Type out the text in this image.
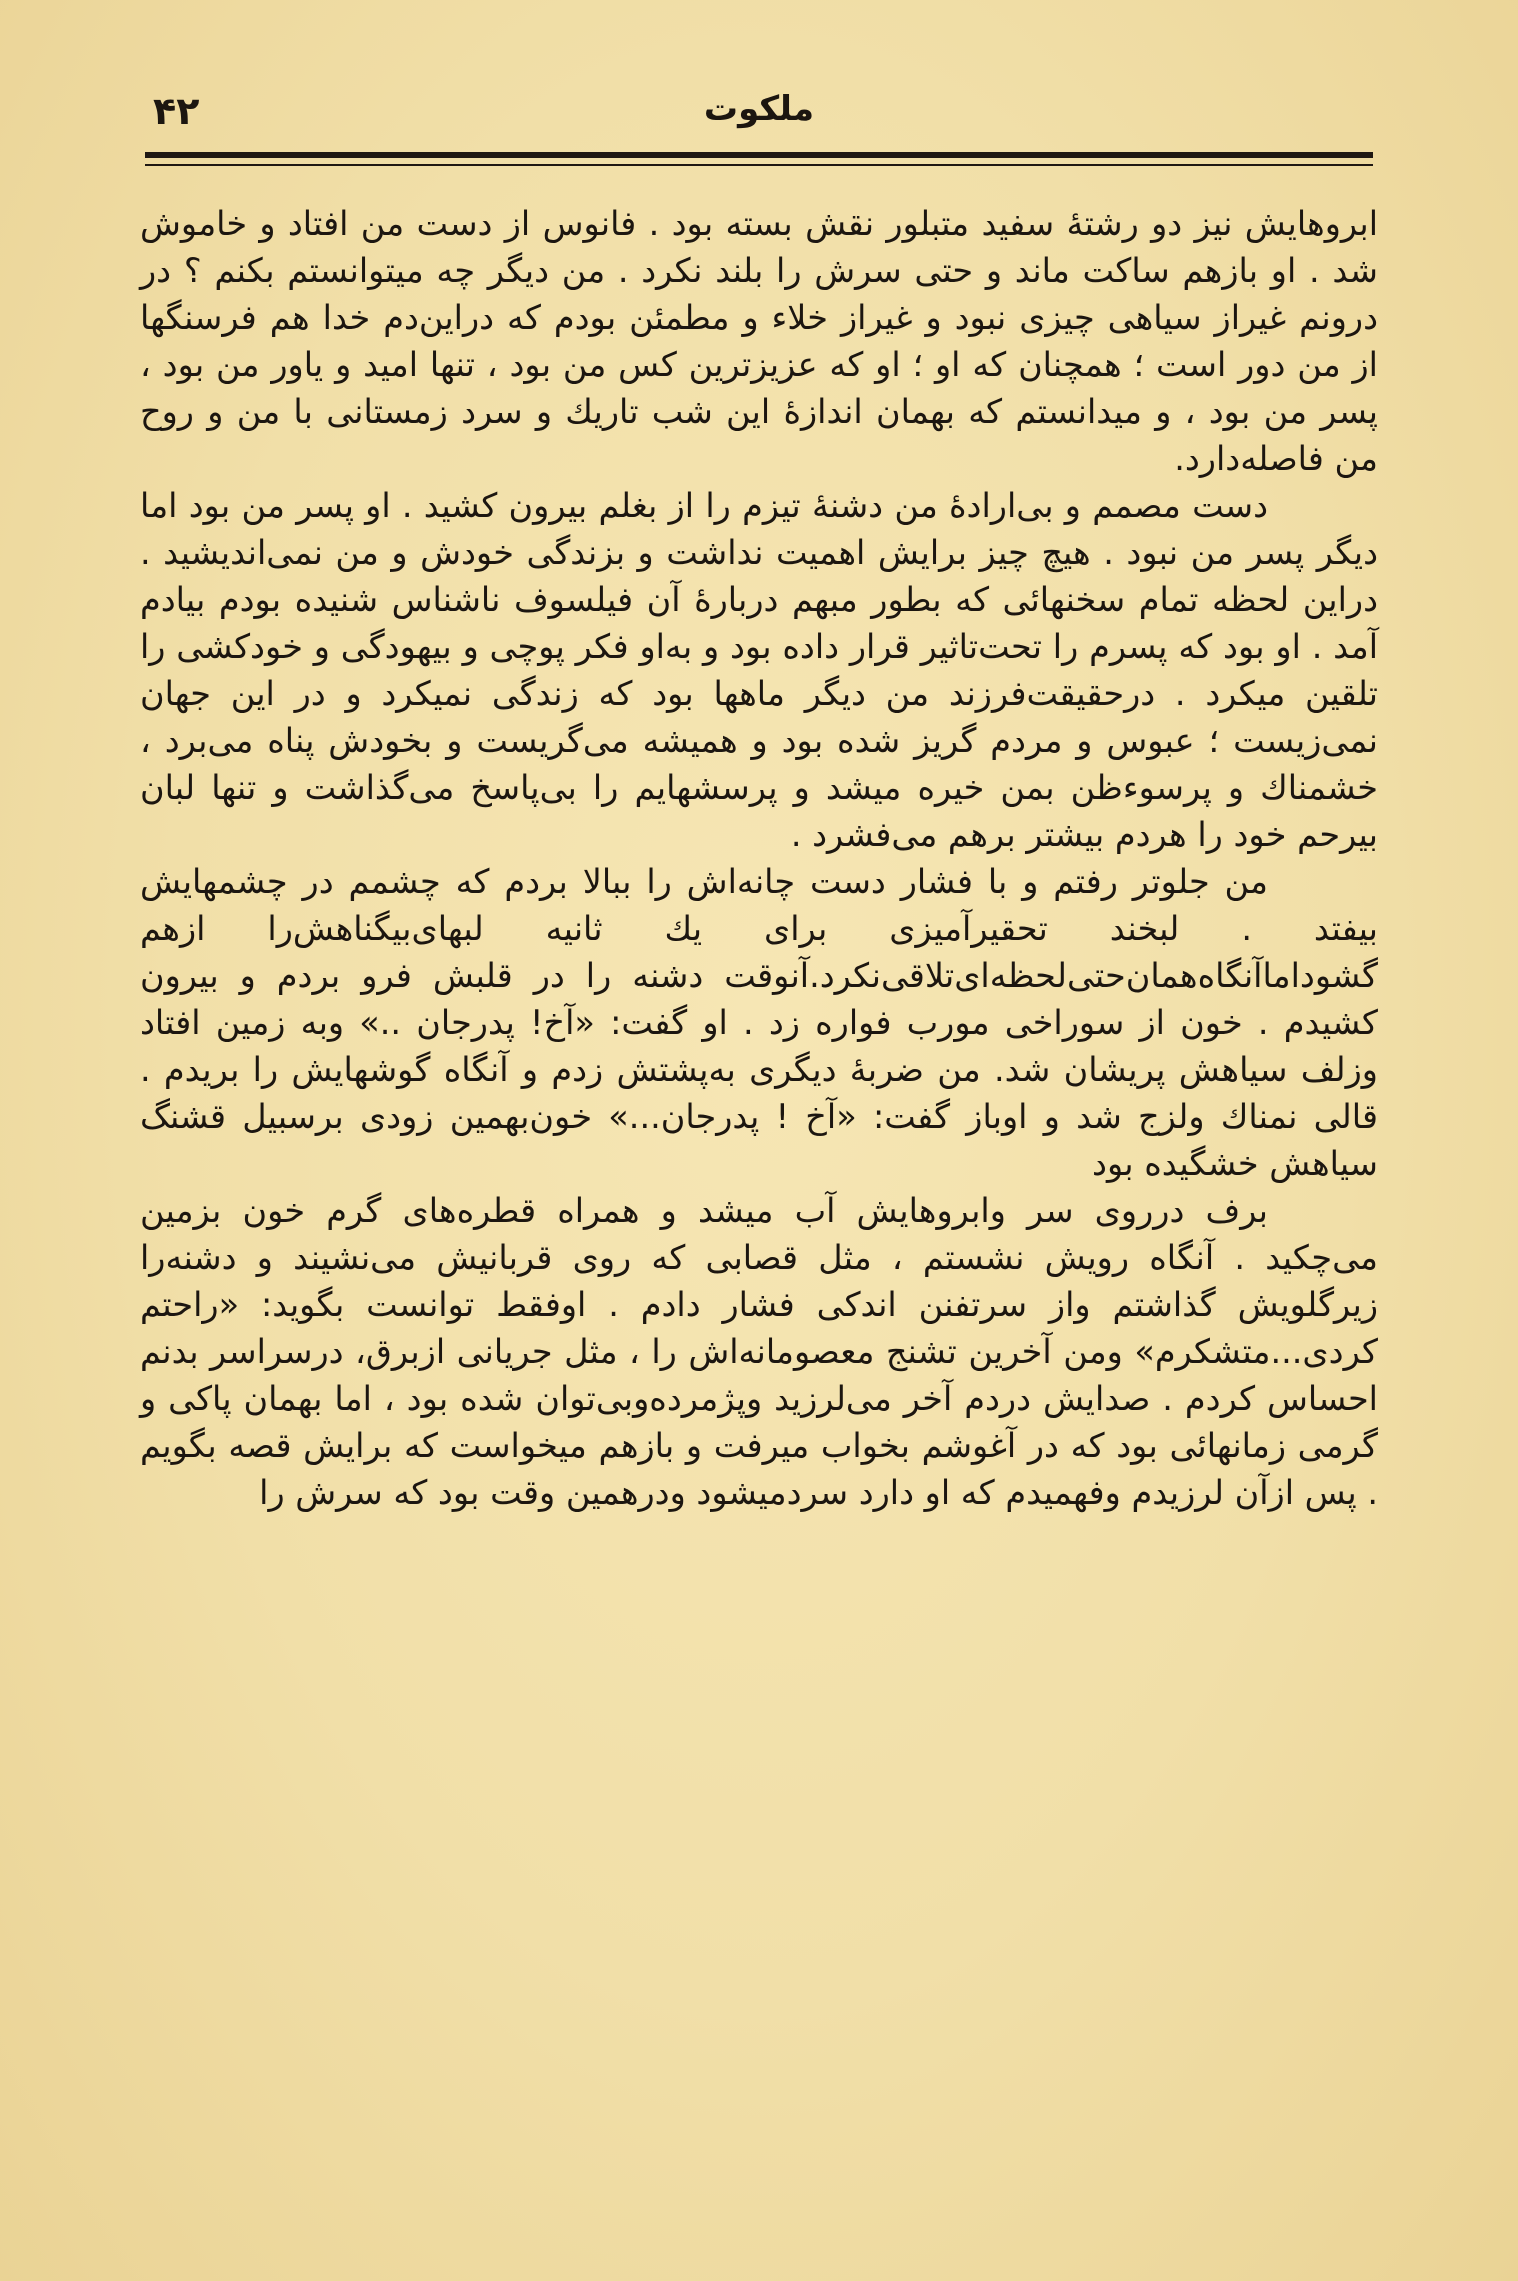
۴۲	ملکوت

ابروهایش نیز دو رشتهٔ سفید متبلور نقش بسته بود . فانوس از دست من افتاد و خاموش شد . او بازهم ساکت ماند و حتی سرش را بلند نکرد . من دیگر چه میتوانستم بکنم ؟ در درونم غیراز سیاهی چیزی نبود و غیراز خلاء و مطمئن بودم که دراین‌دم خدا هم فرسنگها از من دور است ؛ همچنان که او ؛ او که عزیزترین کس من بود ، تنها امید و یاور من بود ، پسر من بود ، و میدانستم که بهمان اندازهٔ این شب تاریك و سرد زمستانی با من و روح من فاصله‌دارد.

دست مصمم و بی‌ارادهٔ من دشنهٔ تیزم را از بغلم بیرون کشید . او پسر من بود اما دیگر پسر من نبود . هیچ چیز برایش اهمیت نداشت و بزندگی خودش و من نمی‌اندیشید . دراین لحظه تمام سخنهائی که بطور مبهم دربارهٔ آن فیلسوف ناشناس شنیده بودم بیادم آمد . او بود که پسرم را تحت‌تاثیر قرار داده بود و به‌او فکر پوچی و بیهودگی و خودکشی را تلقین میکرد . درحقیقت‌فرزند من دیگر ماهها بود که زندگی نمیکرد و در این جهان نمی‌زیست ؛ عبوس و مردم گریز شده بود و همیشه می‌گریست و بخودش پناه می‌برد ، خشمناك و پرسوءظن بمن خیره میشد و پرسشهایم را بی‌پاسخ می‌گذاشت و تنها لبان بیرحم خود را هردم بیشتر برهم می‌فشرد .

من جلوتر رفتم و با فشار دست چانه‌اش را ببالا بردم که چشمم در چشمهایش بیفتد . لبخند تحقیرآمیزی برای یك ثانیه لبهای‌بیگناهش‌را ازهم گشوداماآنگاه‌همان‌حتی‌لحظه‌ای‌تلاقی‌نکرد.آنوقت دشنه را در قلبش فرو بردم و بیرون کشیدم . خون از سوراخی مورب فواره زد . او گفت: «آخ! پدرجان ..» وبه زمین افتاد وزلف سیاهش پریشان شد. من ضربهٔ دیگری به‌پشتش زدم و آنگاه گوشهایش را بریدم . قالی نمناك ولزج شد و اوباز گفت: «آخ ! پدرجان...» خون‌بهمین زودی برسبیل قشنگ سیاهش خشگیده بود

برف درروی سر وابروهایش آب میشد و همراه قطره‌های گرم خون بزمین می‌چکید . آنگاه رویش نشستم ، مثل قصابی که روی قربانیش می‌نشیند و دشنه‌را زیرگلویش گذاشتم واز سرتفنن اندکی فشار دادم . اوفقط توانست بگوید: «راحتم کردی...متشکرم» ومن آخرین تشنج معصومانه‌اش را ، مثل جریانی ازبرق، درسراسر بدنم احساس کردم . صدایش دردم آخر می‌لرزید وپژمرده‌وبی‌توان شده بود ، اما بهمان پاکی و گرمی زمانهائی بود که در آغوشم بخواب میرفت و بازهم میخواست که برایش قصه بگویم . پس ازآن لرزیدم وفهمیدم که او دارد سردمیشود ودرهمین وقت بود که سرش را
